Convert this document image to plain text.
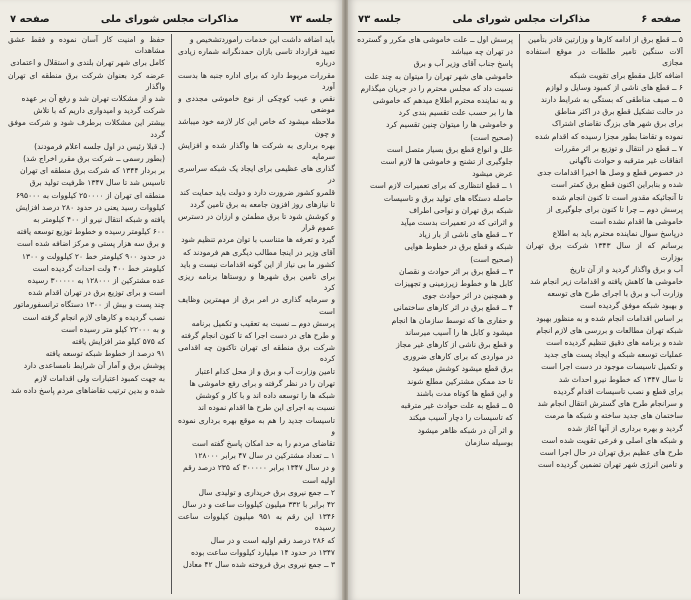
جلسه ۷۳
مذاکرات مجلس شورای ملی
صفحه ۷

باید اضافه داشت این خدمات راموردتشخیص و

تعیید قرارداد تاسی بازان حمدنگرانه شماره زیادی درباره

مقررات مربوط دارد که برای اداره جنبه ها بدست آورد

نقص و عیب کوچکی از نوع خاموشی مجددی و موضعی

ملاحظه میشود که خاص این کار لازمه خود میباشد و چون

بهره برداری به شرکت ها واگذار شده و افزایش سرمایه

گذاری های عظیمی برای ایجاد یک شبکه سراسری در

قلمرو کشور ضرورت دارد و دولت باید حمایت کند

تا نیازهای روز افزون جامعه به برق تامین گردد

و کوشش شود تا برق مطمئن و ارزان در دسترس عموم قرار

گیرد و تعرفه ها متناسب با توان مردم تنظیم شود

آقای وزیر در اینجا مطالب دیگری هم فرمودند که

کشور ما بی نیاز از این گونه اقدامات نیست و باید

برای تامین برق شهرها و روستاها برنامه ریزی کرد

و سرمایه گذاری در امر برق از مهمترین وظایف است

پرسش دوم ــ نسبت به تعقیب و تکمیل برنامه

و طرح های در دست اجرا که تا کنون انجام گرفته

شرکت برق منطقه ای تهران تاکنون چه اقدامی کرده

تامین وزارت آب و برق و از محل کدام اعتبار

تهران را در نظر گرفته و برای رفع خاموشی ها

شبکه ها را توسعه داده اند و با کار و کوشش

نسبت به اجرای این طرح ها اقدام نموده اند

تاسیسات جدید را هم به موقع بهره برداری نموده و

تقاضای مردم را به حد امکان پاسخ گفته است

۱ ــ تعداد مشترکین در سال ۴۷ برابر ۱۲۸۰۰۰

و در سال ۱۳۴۷ برابر ۳۰۰۰۰۰ که ۲۳۵ درصد رقم

اولیه است

۲ ــ جمع نیروی برق خریداری و تولیدی سال

۴۲ برابر با ۳۳۲ میلیون کیلووات ساعت و در سال

۱۳۴۶ این رقم به ۹۵۱ میلیون کیلووات ساعت رسیده

که ۲۸۶ درصد رقم اولیه است و در سال

۱۳۴۷ در حدود ۱۴ میلیارد کیلووات ساعت بوده

۳ ــ جمع نیروی برق فروخته شده سال ۴۲ معادل

حفظ و امنیت کار آسان نموده و فقط عشق مشاهدات

کامل برای شهر تهران بلندی و استقلال و اعتمادی

عرضه کرد بعنوان شرکت برق منطقه ای تهران واگذار

شد و از مشکلات تهران شد و رفع آن بر عهده

شرکت گردید و امیدواری داریم که با تلاش

بیشتر این مشکلات برطرف شود و شرکت موفق گردد

(ـ قبلا رئیس در اول جلسه اعلام فرمودند)

(بطور رسمی ــ شرکت برق مقرر اخراج شد)

بر بردار ۱۳۴۴ که شرکت برق منطقه ای تهران

تاسیس شد تا سال ۱۳۴۷ ظرفیت تولید برق

منطقه ای تهران از ۲۵۰۰۰۰ کیلووات به ۶۹۵۰۰۰

کیلووات رسید یعنی در حدود ۲۸۰ درصد افزایش

یافته و شبکه انتقال نیرو از ۴۰۰ کیلومتر به

۶۰۰ کیلومتر رسیده و خطوط توزیع توسعه یافته

و برق سه هزار پستی و مرکز اضافه شده است

در حدود ۹۰۰ کیلومتر خط ۲۰ کیلوولت و ۱۳۰۰

کیلومتر خط ۴۰۰ ولت احداث گردیده است

عده مشترکین از ۱۲۸۰۰۰ به ۳۰۰۰۰۰ رسیده

است و برای توزیع برق در تهران اقدام شده

چند پست و بیش از ۱۳۰۰ دستگاه ترانسفورماتور

نصب گردیده و کارهای لازم انجام گرفته است

و به ۲۲۰۰۰ کیلو متر رسیده است

که ۵۷۵ کیلو متر افزایش یافته

۹۱ درصد از خطوط شبکه توسعه یافته

پوشش برق و آمار آن شرایط نامساعدی دارد

به جهت کمبود اعتبارات ولی اقدامات لازم

شده و بدین ترتیب تقاضاهای مردم پاسخ داده شد

صفحه ۶
مذاکرات مجلس شورای ملی
جلسه ۷۳

۵ ــ قطع برق از ادامه کارها و وزارتین قادر بتأمین

آلات سنگین تامیر طلطات در موقع استفاده مجازی

اضافه کابل مقطع برای تقویت شبکه

۶ ــ قطع های ناشی از کمبود وسایل و لوازم

۵ ــ صیف مناطقی که بستگی به شرایط دارند

در حالت تشکیل قطع برق در اکثر مناطق

برای برق شهر های بزرگ تقاضای اشتراک

نموده و تقاضا بطور مجزا رسیده که اقدام شده

۷ ــ قطع در انتقال و توزیع بر اثر مقررات

اتفاقات غیر مترقبه و حوادث ناگهانی

در خصوص قطع و وصل ها اخیرا اقدامات جدی

شده و بنابراین اکنون قطع برق کمتر است

تا آنجائیکه مقدور است تا کنون انجام شده

پرسش دوم ــ چرا تا کنون برای جلوگیری از

خاموشی ها اقدام نشده است

درپاسخ سوال نماینده محترم باید به اطلاع

برسانم که از سال ۱۳۴۳ شرکت برق تهران بوزارت

آب و برق واگذار گردید و از آن تاریخ

خاموشی ها کاهش یافته و اقدامات زیر انجام شد

وزارت آب و برق با اجرای طرح های توسعه

و بهبود شبکه موفق گردیده است

بر اساس اقدامات انجام شده و به منظور بهبود

شبکه تهران مطالعات و بررسی های لازم انجام

شده و برنامه های دقیق تنظیم گردیده است

عملیات توسعه شبکه و ایجاد پست های جدید

و تکمیل تاسیسات موجود در دست اجرا است

تا سال ۱۳۴۷ که خطوط نیرو احداث شد

برای قطع و نصب تاسیسات اقدام گردیده

و سرانجام طرح های گسترش انتقال انجام شد

ساختمان های جدید ساخته و شبکه ها مرمت

گردید و بهره برداری از آنها آغاز شده

و شبکه های اصلی و فرعی تقویت شده است

طرح های عظیم برق تهران در حال اجرا است

و تامین انرژی شهر تهران تضمین گردیده است

پرسش اول ــ علت خاموشی های مکرر و گسترده

در تهران چه میباشد

پاسخ جناب آقای وزیر آب و برق

خاموشی های شهر تهران را میتوان به چند علت

نسبت داد که مجلس محترم را در جریان میگذارم

و به نماینده محترم اطلاع میدهم که خاموشی

ها را بر حسب علت تقسیم بندی کرد

و خاموشی ها را میتوان چنین تقسیم کرد

(صحیح است)

علل و انواع قطع برق بسیار متصل است

جلوگیری از تشنج و خاموشی ها لازم است

عرض میشود

۱ ــ قطع انتظاری که برای تعمیرات لازم است

حاصله دستگاه های تولید برق و تاسیسات

شبکه برق تهران و نواحی اطراف

و اثراتی که در تعمیرات بدست میآید

۲ ــ قطع های ناشی از بار زیاد

شبکه و قطع برق در خطوط هوایی

(صحیح است)

۳ ــ قطع برق بر اثر حوادث و نقصان

کابل ها و خطوط زیرزمینی و تجهیزات

و همچنین در اثر حوادث جوی

۴ ــ قطع برق در اثر کارهای ساختمانی

و حفاری ها که توسط سازمان ها انجام

میشود و کابل ها را آسیب میرساند

و قطع برق ناشی از کارهای غیر مجاز

در مواردی که برای کارهای ضروری

برق قطع میشود کوشش میشود

تا حد ممکن مشترکین مطلع شوند

و این قطع ها کوتاه مدت باشند

۵ ــ قطع به علت حوادث غیر مترقبه

که تاسیسات را دچار آسیب میکند

و اثر آن در شبکه ظاهر میشود

بوسیله سازمان
